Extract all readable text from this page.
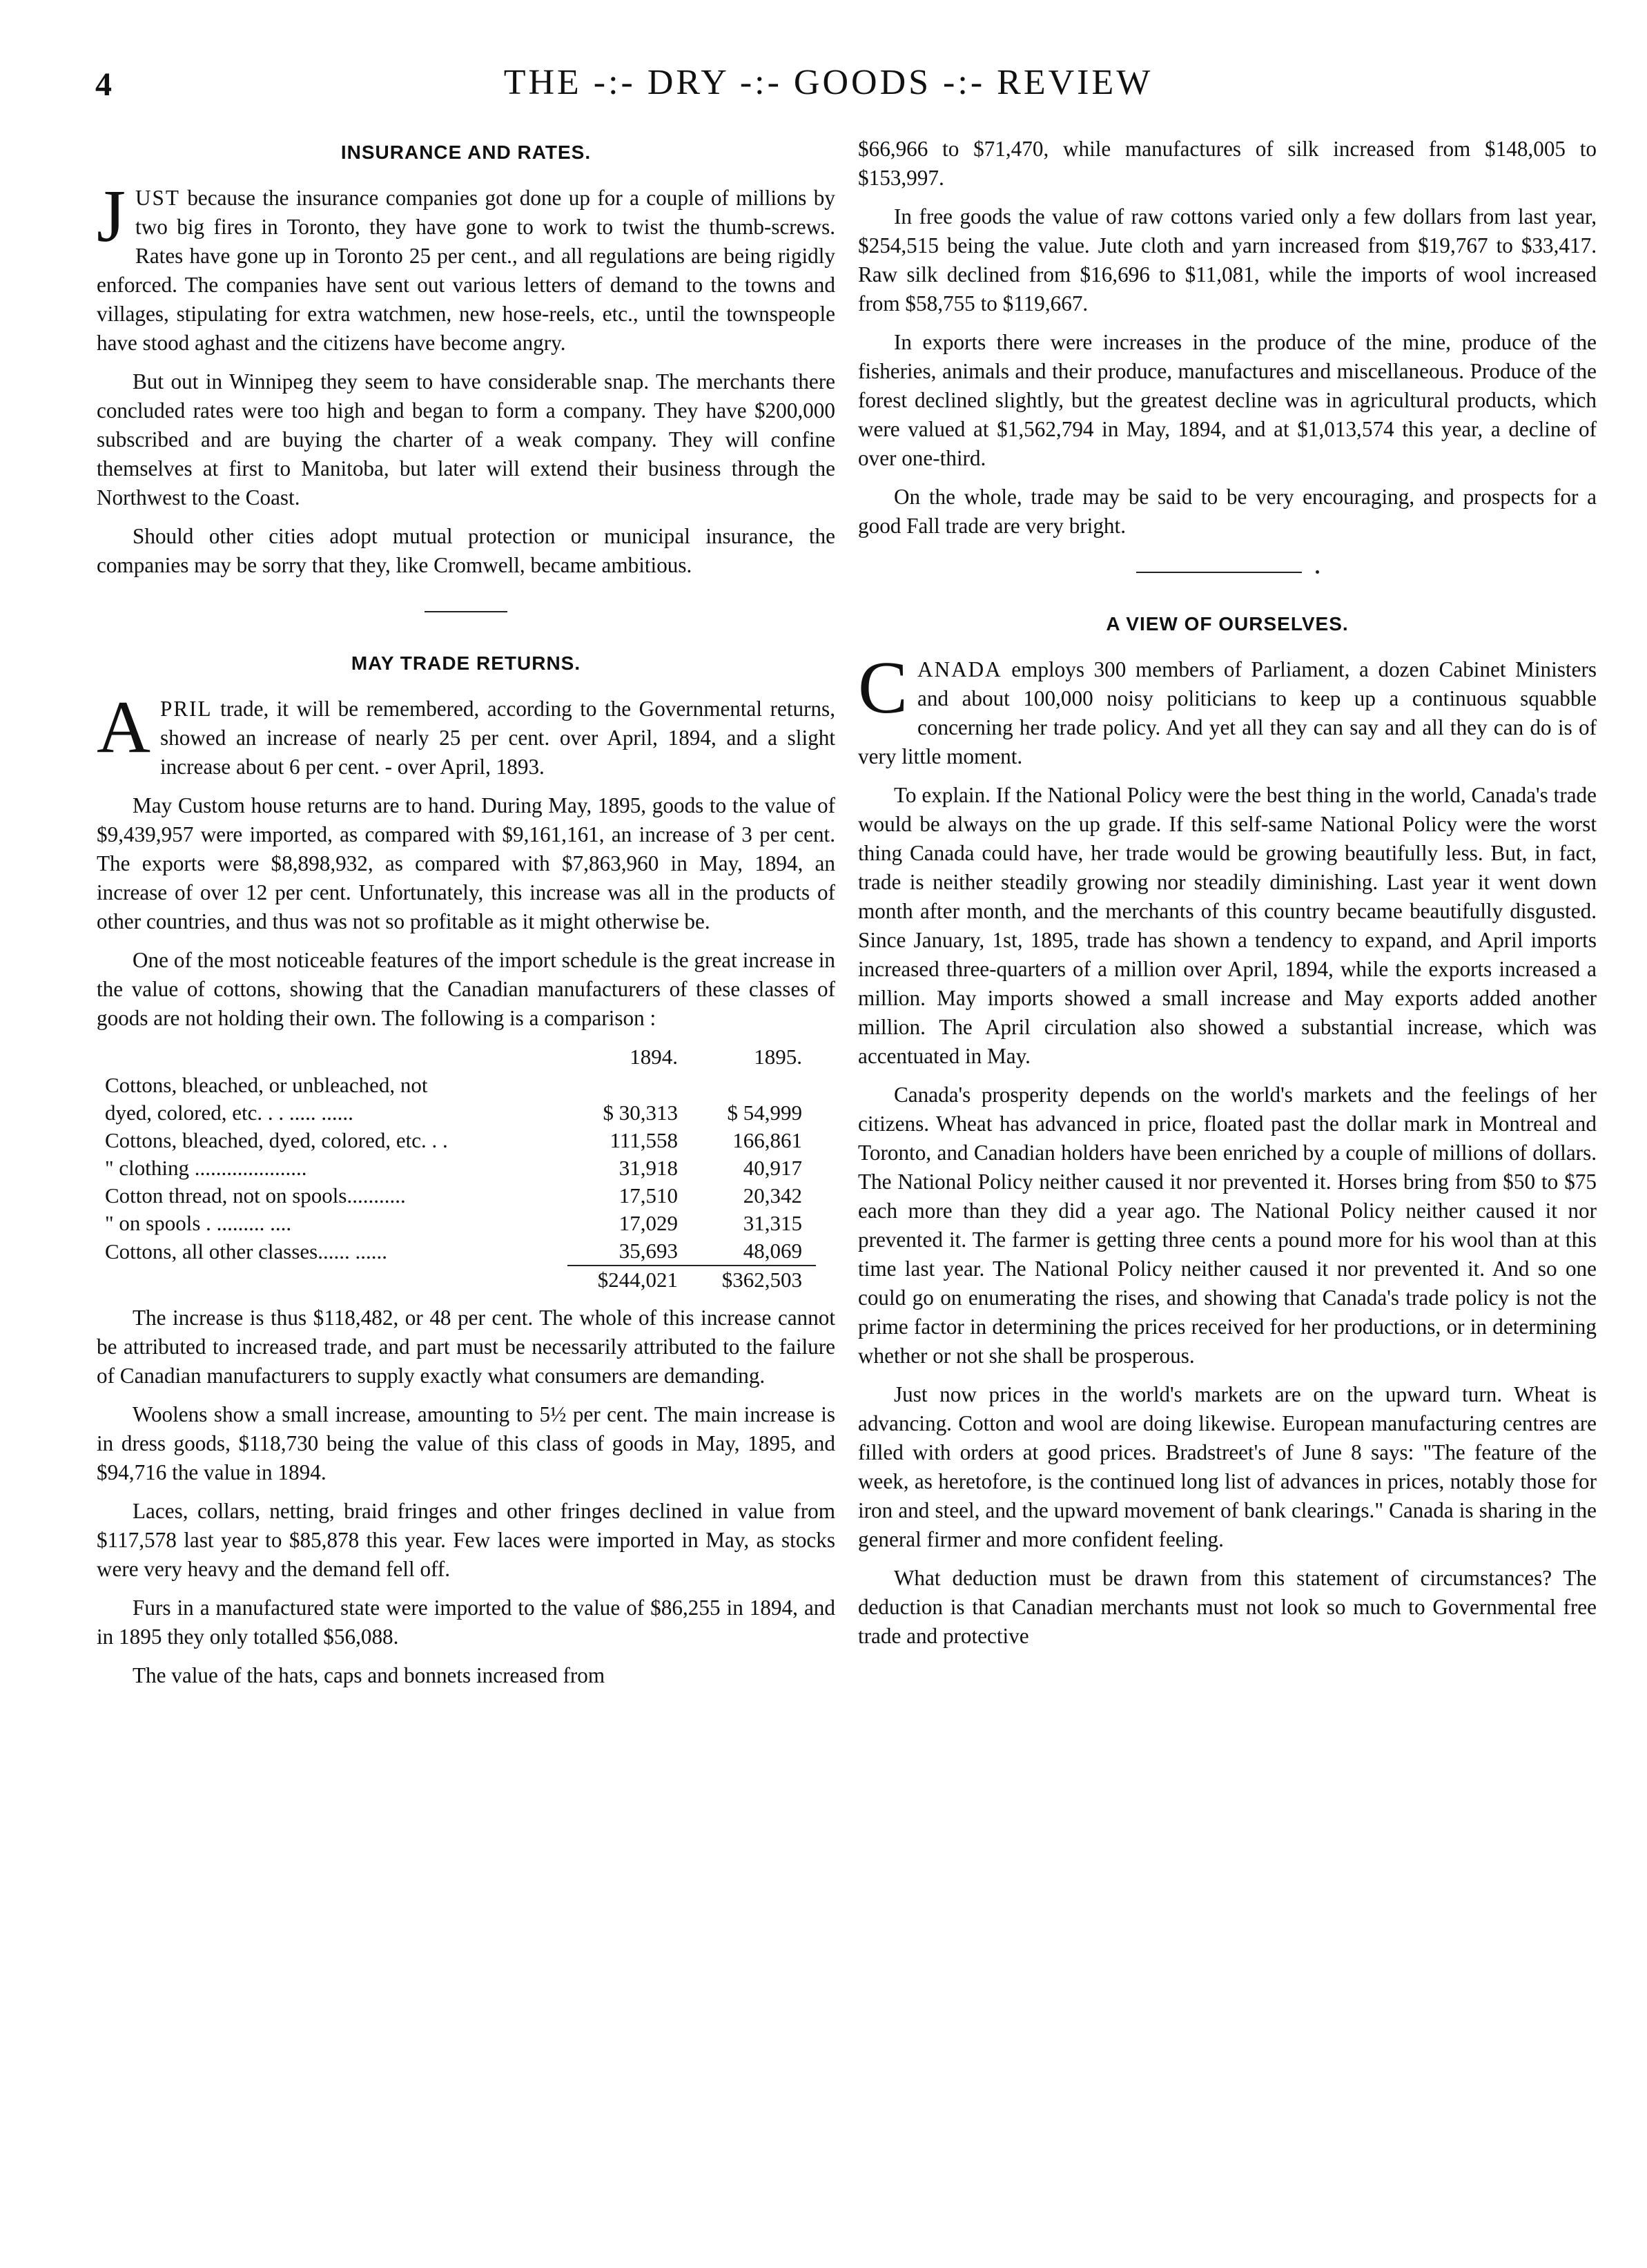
4	THE -:- DRY -:- GOODS -:- REVIEW
INSURANCE AND RATES.

JUST because the insurance companies got done up for a couple of millions by two big fires in Toronto, they have gone to work to twist the thumb-screws. Rates have gone up in Toronto 25 per cent., and all regulations are being rigidly enforced. The companies have sent out various letters of demand to the towns and villages, stipulating for extra watchmen, new hose-reels, etc., until the townspeople have stood aghast and the citizens have become angry.

But out in Winnipeg they seem to have considerable snap. The merchants there concluded rates were too high and began to form a company. They have $200,000 subscribed and are buying the charter of a weak company. They will confine themselves at first to Manitoba, but later will extend their business through the Northwest to the Coast.

Should other cities adopt mutual protection or municipal insurance, the companies may be sorry that they, like Cromwell, became ambitious.

MAY TRADE RETURNS.

APRIL trade, it will be remembered, according to the Governmental returns, showed an increase of nearly 25 per cent. over April, 1894, and a slight increase about 6 per cent. - over April, 1893.

May Custom house returns are to hand. During May, 1895, goods to the value of $9,439,957 were imported, as compared with $9,161,161, an increase of 3 per cent. The exports were $8,898,932, as compared with $7,863,960 in May, 1894, an increase of over 12 per cent. Unfortunately, this increase was all in the products of other countries, and thus was not so profitable as it might otherwise be.

One of the most noticeable features of the import schedule is the great increase in the value of cottons, showing that the Canadian manufacturers of these classes of goods are not holding their own. The following is a comparison :

	1894.	1895.
Cottons, bleached, or unbleached, not		
dyed, colored, etc. . . ..... ......	$ 30,313	$ 54,999
Cottons, bleached, dyed, colored, etc. . .	111,558	166,861
" clothing .....................	31,918	40,917
Cotton thread, not on spools...........	17,510	20,342
" on spools . ......... ....	17,029	31,315
Cottons, all other classes...... ......	35,693	48,069
	$244,021	$362,503

The increase is thus $118,482, or 48 per cent. The whole of this increase cannot be attributed to increased trade, and part must be necessarily attributed to the failure of Canadian manufacturers to supply exactly what consumers are demanding.

Woolens show a small increase, amounting to 5½ per cent. The main increase is in dress goods, $118,730 being the value of this class of goods in May, 1895, and $94,716 the value in 1894.

Laces, collars, netting, braid fringes and other fringes declined in value from $117,578 last year to $85,878 this year. Few laces were imported in May, as stocks were very heavy and the demand fell off.

Furs in a manufactured state were imported to the value of $86,255 in 1894, and in 1895 they only totalled $56,088.

The value of the hats, caps and bonnets increased from

$66,966 to $71,470, while manufactures of silk increased from $148,005 to $153,997.

In free goods the value of raw cottons varied only a few dollars from last year, $254,515 being the value. Jute cloth and yarn increased from $19,767 to $33,417. Raw silk declined from $16,696 to $11,081, while the imports of wool increased from $58,755 to $119,667.

In exports there were increases in the produce of the mine, produce of the fisheries, animals and their produce, manufactures and miscellaneous. Produce of the forest declined slightly, but the greatest decline was in agricultural products, which were valued at $1,562,794 in May, 1894, and at $1,013,574 this year, a decline of over one-third.

On the whole, trade may be said to be very encouraging, and prospects for a good Fall trade are very bright.

A VIEW OF OURSELVES.

CANADA employs 300 members of Parliament, a dozen Cabinet Ministers and about 100,000 noisy politicians to keep up a continuous squabble concerning her trade policy. And yet all they can say and all they can do is of very little moment.

To explain. If the National Policy were the best thing in the world, Canada's trade would be always on the up grade. If this self-same National Policy were the worst thing Canada could have, her trade would be growing beautifully less. But, in fact, trade is neither steadily growing nor steadily diminishing. Last year it went down month after month, and the merchants of this country became beautifully disgusted. Since January, 1st, 1895, trade has shown a tendency to expand, and April imports increased three-quarters of a million over April, 1894, while the exports increased a million. May imports showed a small increase and May exports added another million. The April circulation also showed a substantial increase, which was accentuated in May.

Canada's prosperity depends on the world's markets and the feelings of her citizens. Wheat has advanced in price, floated past the dollar mark in Montreal and Toronto, and Canadian holders have been enriched by a couple of millions of dollars. The National Policy neither caused it nor prevented it. Horses bring from $50 to $75 each more than they did a year ago. The National Policy neither caused it nor prevented it. The farmer is getting three cents a pound more for his wool than at this time last year. The National Policy neither caused it nor prevented it. And so one could go on enumerating the rises, and showing that Canada's trade policy is not the prime factor in determining the prices received for her productions, or in determining whether or not she shall be prosperous.

Just now prices in the world's markets are on the upward turn. Wheat is advancing. Cotton and wool are doing likewise. European manufacturing centres are filled with orders at good prices. Bradstreet's of June 8 says: "The feature of the week, as heretofore, is the continued long list of advances in prices, notably those for iron and steel, and the upward movement of bank clearings." Canada is sharing in the general firmer and more confident feeling.

What deduction must be drawn from this statement of circumstances? The deduction is that Canadian merchants must not look so much to Governmental free trade and protective
